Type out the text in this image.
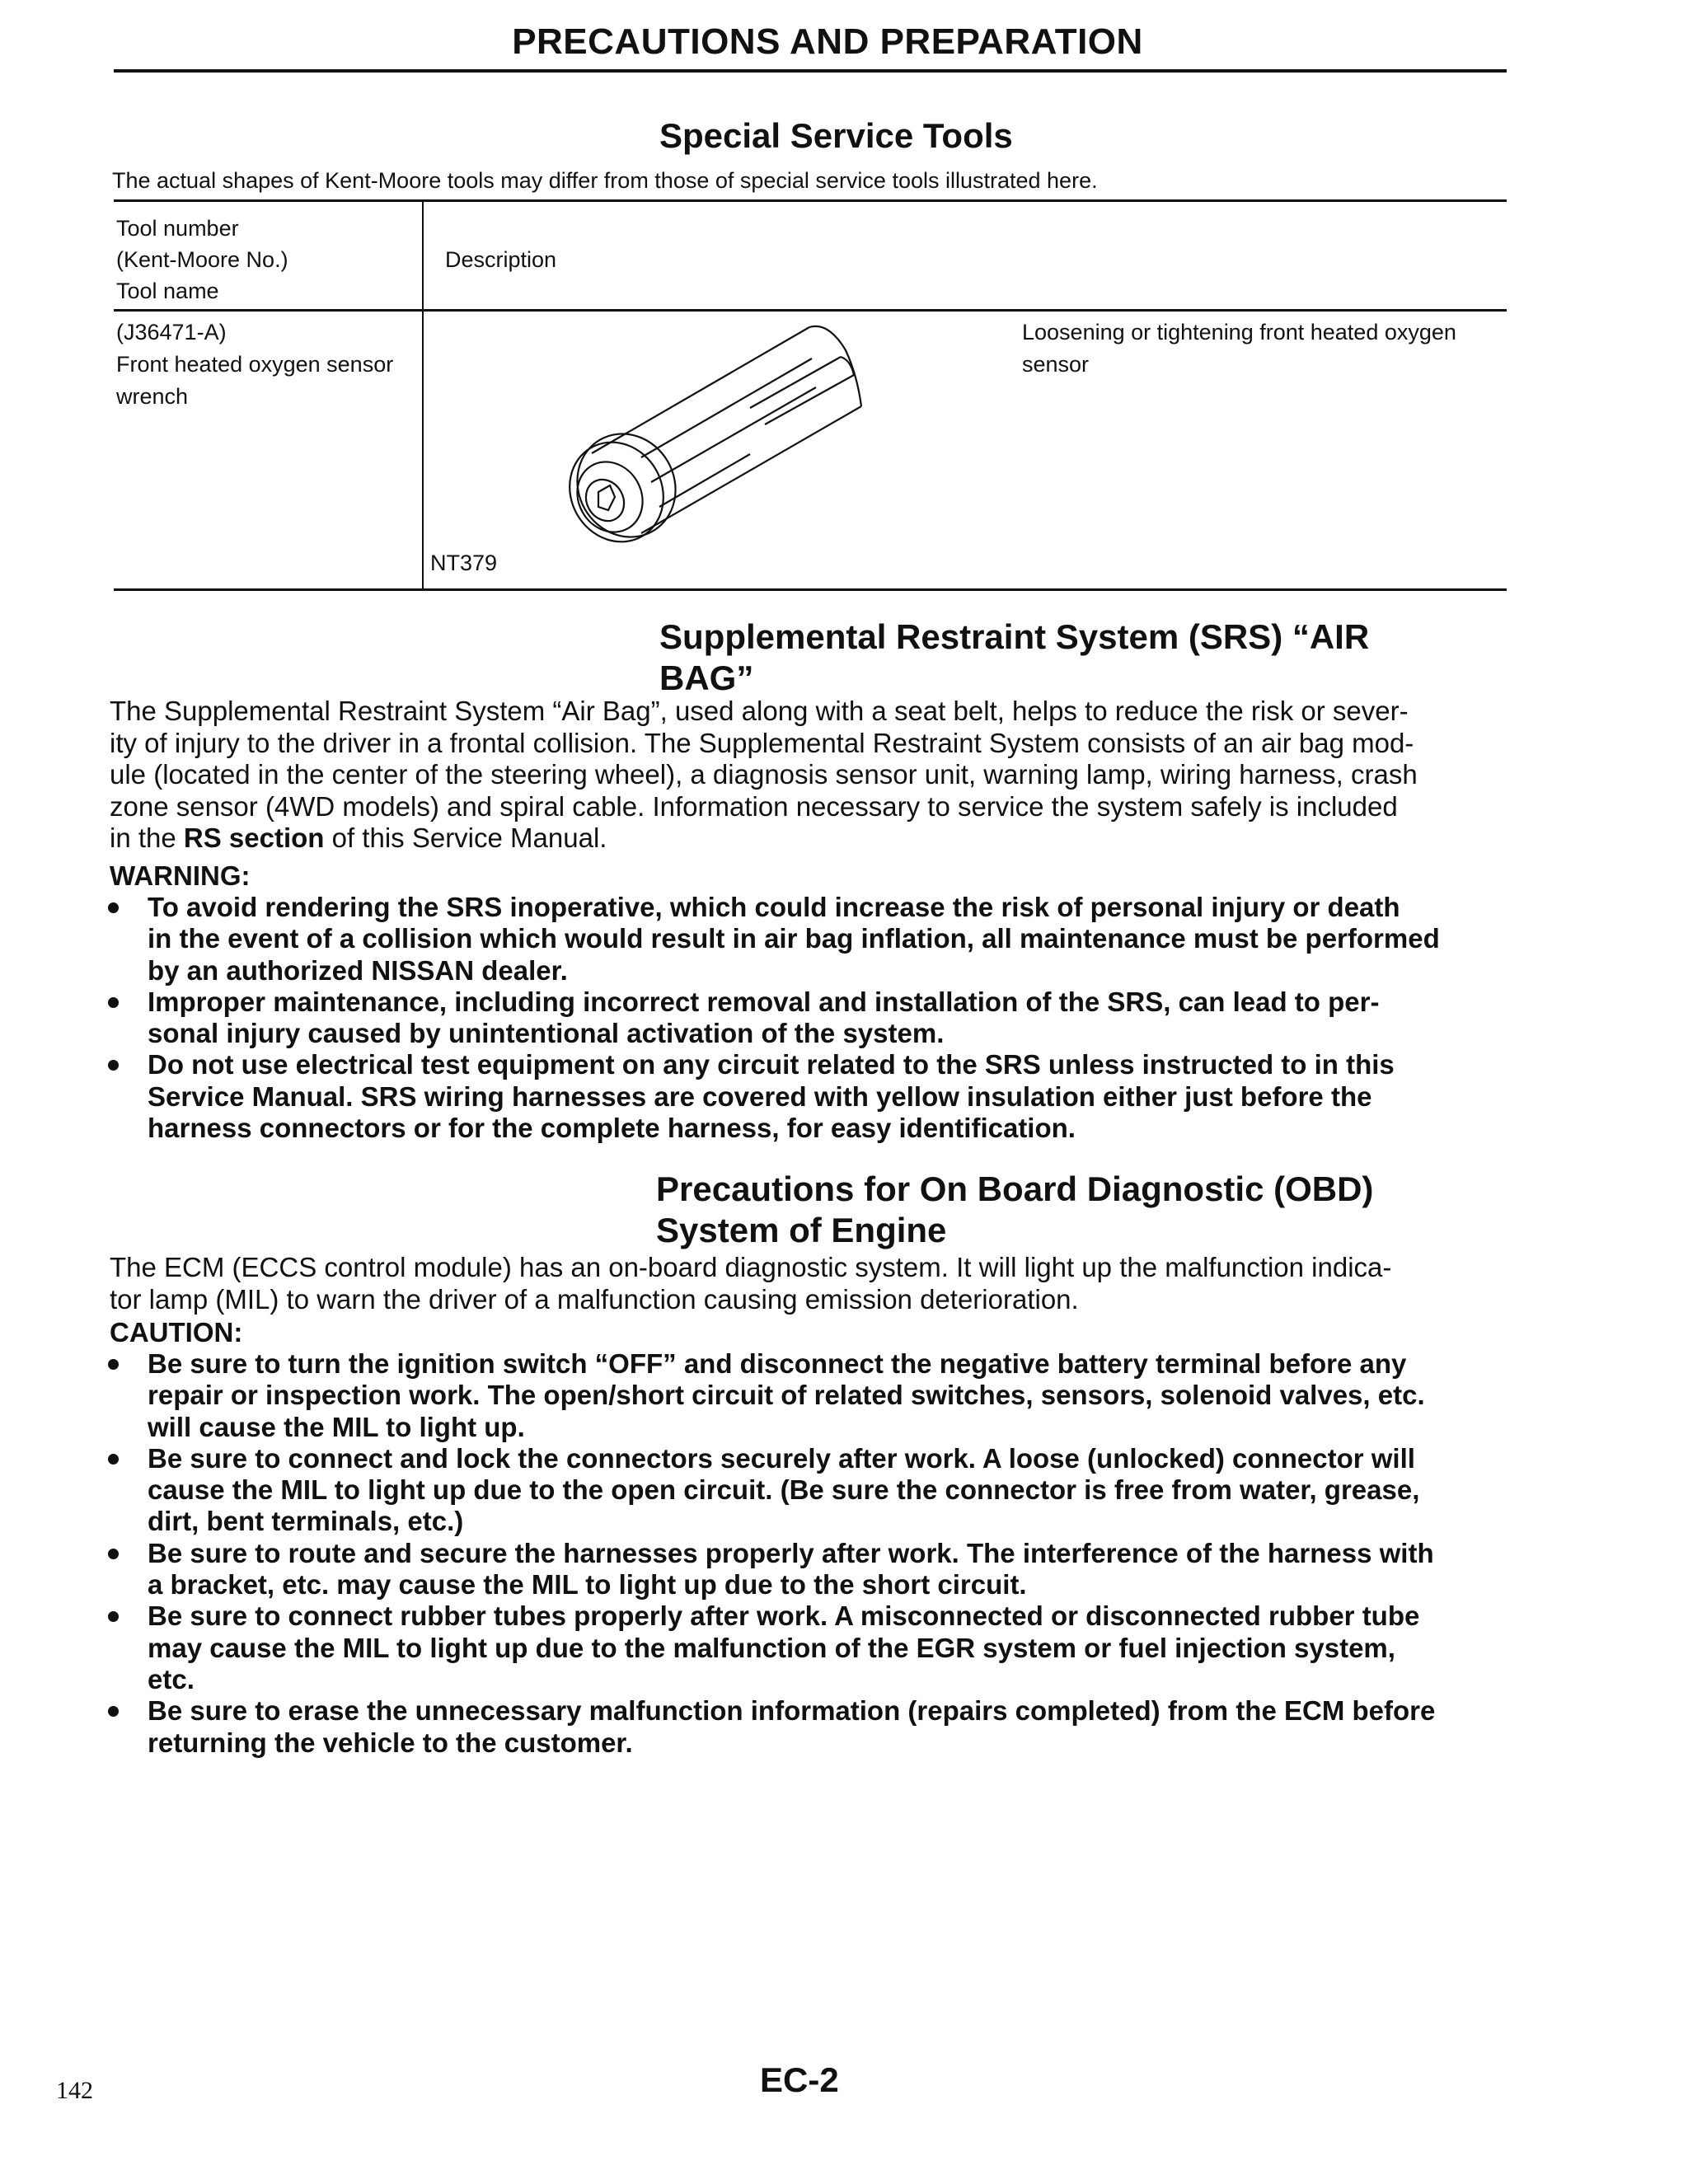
PRECAUTIONS AND PREPARATION
Special Service Tools
The actual shapes of Kent-Moore tools may differ from those of special service tools illustrated here.
Tool number
(Kent-Moore No.)
Tool name
Description
(J36471-A)
Front heated oxygen sensor
wrench
NT379
Loosening or tightening front heated oxygen
sensor
Supplemental Restraint System (SRS) “AIR
BAG”
The Supplemental Restraint System “Air Bag”, used along with a seat belt, helps to reduce the risk or sever-
ity of injury to the driver in a frontal collision. The Supplemental Restraint System consists of an air bag mod-
ule (located in the center of the steering wheel), a diagnosis sensor unit, warning lamp, wiring harness, crash
zone sensor (4WD models) and spiral cable. Information necessary to service the system safely is included
in the RS section of this Service Manual.
WARNING:
To avoid rendering the SRS inoperative, which could increase the risk of personal injury or death
in the event of a collision which would result in air bag inflation, all maintenance must be performed
by an authorized NISSAN dealer.
Improper maintenance, including incorrect removal and installation of the SRS, can lead to per-
sonal injury caused by unintentional activation of the system.
Do not use electrical test equipment on any circuit related to the SRS unless instructed to in this
Service Manual. SRS wiring harnesses are covered with yellow insulation either just before the
harness connectors or for the complete harness, for easy identification.
Precautions for On Board Diagnostic (OBD)
System of Engine
The ECM (ECCS control module) has an on-board diagnostic system. It will light up the malfunction indica-
tor lamp (MIL) to warn the driver of a malfunction causing emission deterioration.
CAUTION:
Be sure to turn the ignition switch “OFF” and disconnect the negative battery terminal before any
repair or inspection work. The open/short circuit of related switches, sensors, solenoid valves, etc.
will cause the MIL to light up.
Be sure to connect and lock the connectors securely after work. A loose (unlocked) connector will
cause the MIL to light up due to the open circuit. (Be sure the connector is free from water, grease,
dirt, bent terminals, etc.)
Be sure to route and secure the harnesses properly after work. The interference of the harness with
a bracket, etc. may cause the MIL to light up due to the short circuit.
Be sure to connect rubber tubes properly after work. A misconnected or disconnected rubber tube
may cause the MIL to light up due to the malfunction of the EGR system or fuel injection system,
etc.
Be sure to erase the unnecessary malfunction information (repairs completed) from the ECM before
returning the vehicle to the customer.
142	EC-2
